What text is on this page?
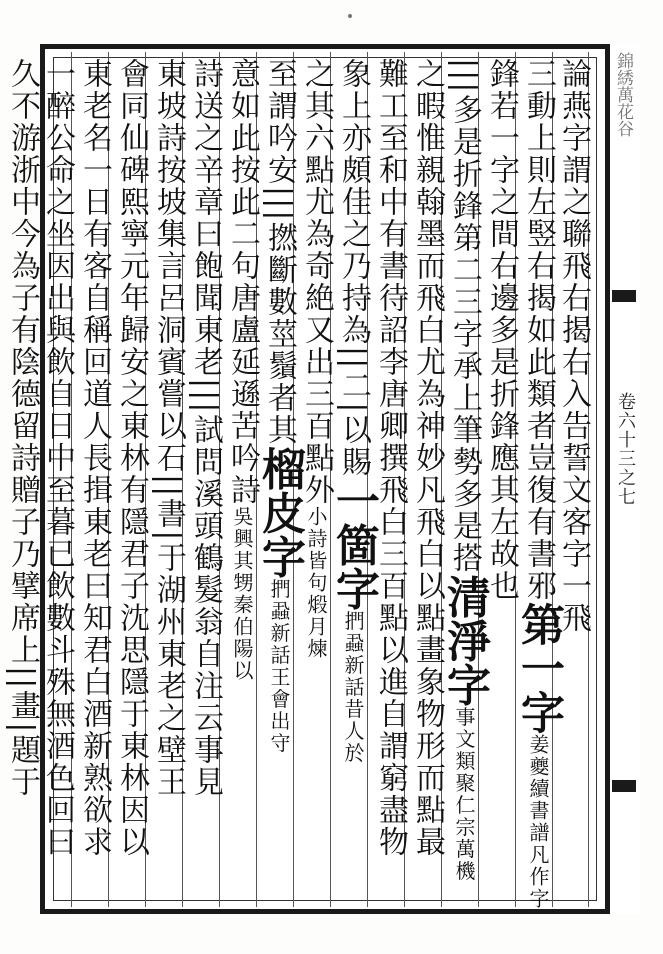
錦綉萬花谷
卷六十三之七
論燕字謂之聯飛右揭右入告誓文客字一飛
三動上則左竪右揭如此類者豈復有書邪第一字姜夔續書譜凡作字
鋒若一字之間右邊多是折鋒應其左故也
|||多是折鋒第二三字承上筆勢多是搭清淨字事文類聚仁宗萬機
之暇惟親翰墨而飛白尤為神妙凡飛白以點畫象物形而點最
難工至和中有書待詔李唐卿撰飛白三百點以進自謂窮盡物
象上亦頗佳之乃持為||二|以賜一箇字捫蝨新話昔人於
之其六點尤為奇絶又出三百點外小詩皆句煅月煉
至謂吟安|||撚斷數莖鬚者其榴皮字捫蝨新話王會出守
意如此按此二句唐盧延遜苦吟詩吳興其甥秦伯陽以
詩送之辛章曰飽聞東老|||試問溪頭鶴髮翁自注云事見
東坡詩按坡集言呂洞賓嘗以石||書|于湖州東老之壁王
會同仙碑熙寧元年歸安之東林有隱君子沈思隱于東林因以
東老名一日有客自稱回道人長揖東老曰知君白酒新熟欲求
一醉公命之坐因出與飲自日中至暮已飲數斗殊無酒色回曰
久不游浙中今為子有陰德留詩贈子乃擘席上||畫|題于
